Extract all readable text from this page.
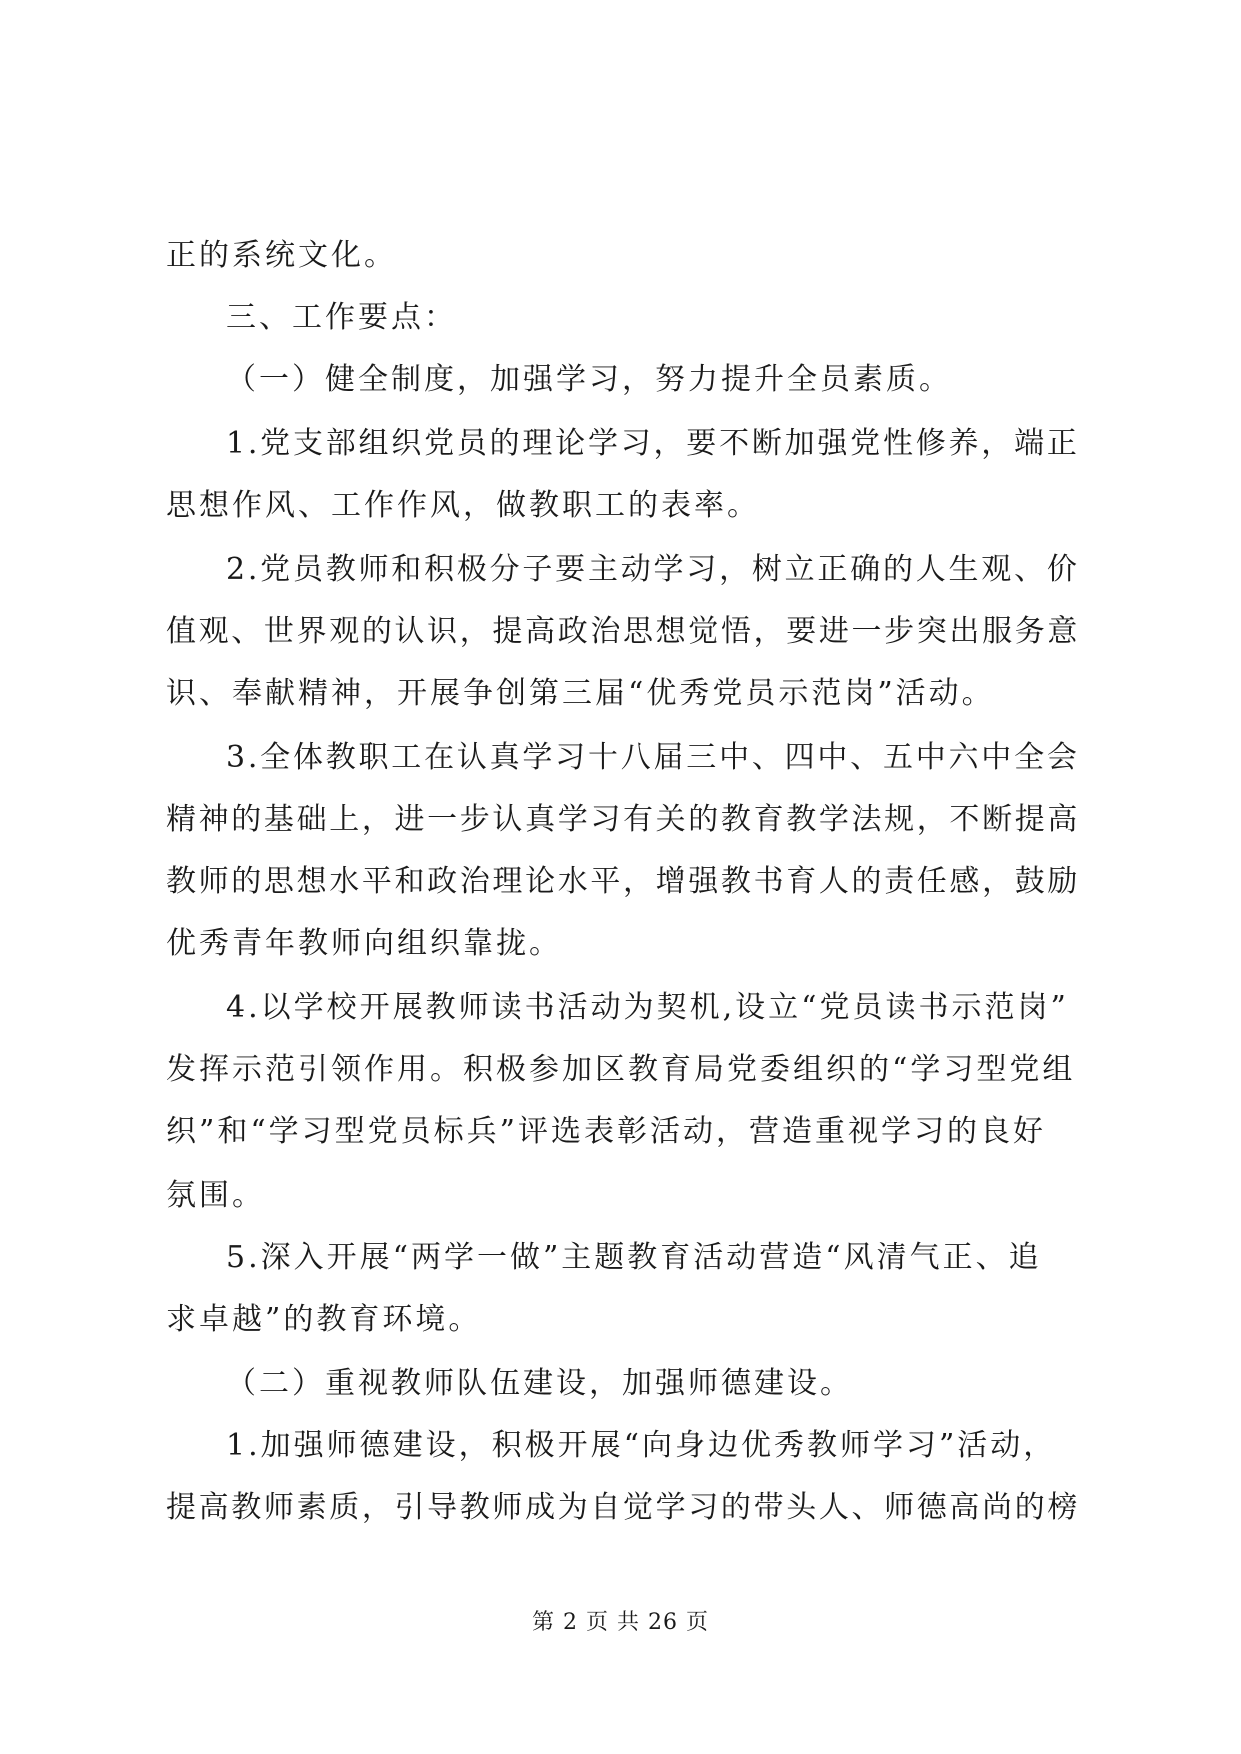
正的系统文化。
三、工作要点：
（一）健全制度，加强学习，努力提升全员素质。
1.党支部组织党员的理论学习，要不断加强党性修养，端正
思想作风、工作作风，做教职工的表率。
2.党员教师和积极分子要主动学习，树立正确的人生观、价
值观、世界观的认识，提高政治思想觉悟，要进一步突出服务意
识、奉献精神，开展争创第三届“优秀党员示范岗”活动。
3.全体教职工在认真学习十八届三中、四中、五中六中全会
精神的基础上，进一步认真学习有关的教育教学法规，不断提高
教师的思想水平和政治理论水平，增强教书育人的责任感，鼓励
优秀青年教师向组织靠拢。
4.以学校开展教师读书活动为契机,设立“党员读书示范岗”
发挥示范引领作用。积极参加区教育局党委组织的“学习型党组
织”和“学习型党员标兵”评选表彰活动，营造重视学习的良好
氛围。
5.深入开展“两学一做”主题教育活动营造“风清气正、追
求卓越”的教育环境。
（二）重视教师队伍建设，加强师德建设。
1.加强师德建设，积极开展“向身边优秀教师学习”活动，
提高教师素质，引导教师成为自觉学习的带头人、师德高尚的榜
第 2 页 共 26 页
